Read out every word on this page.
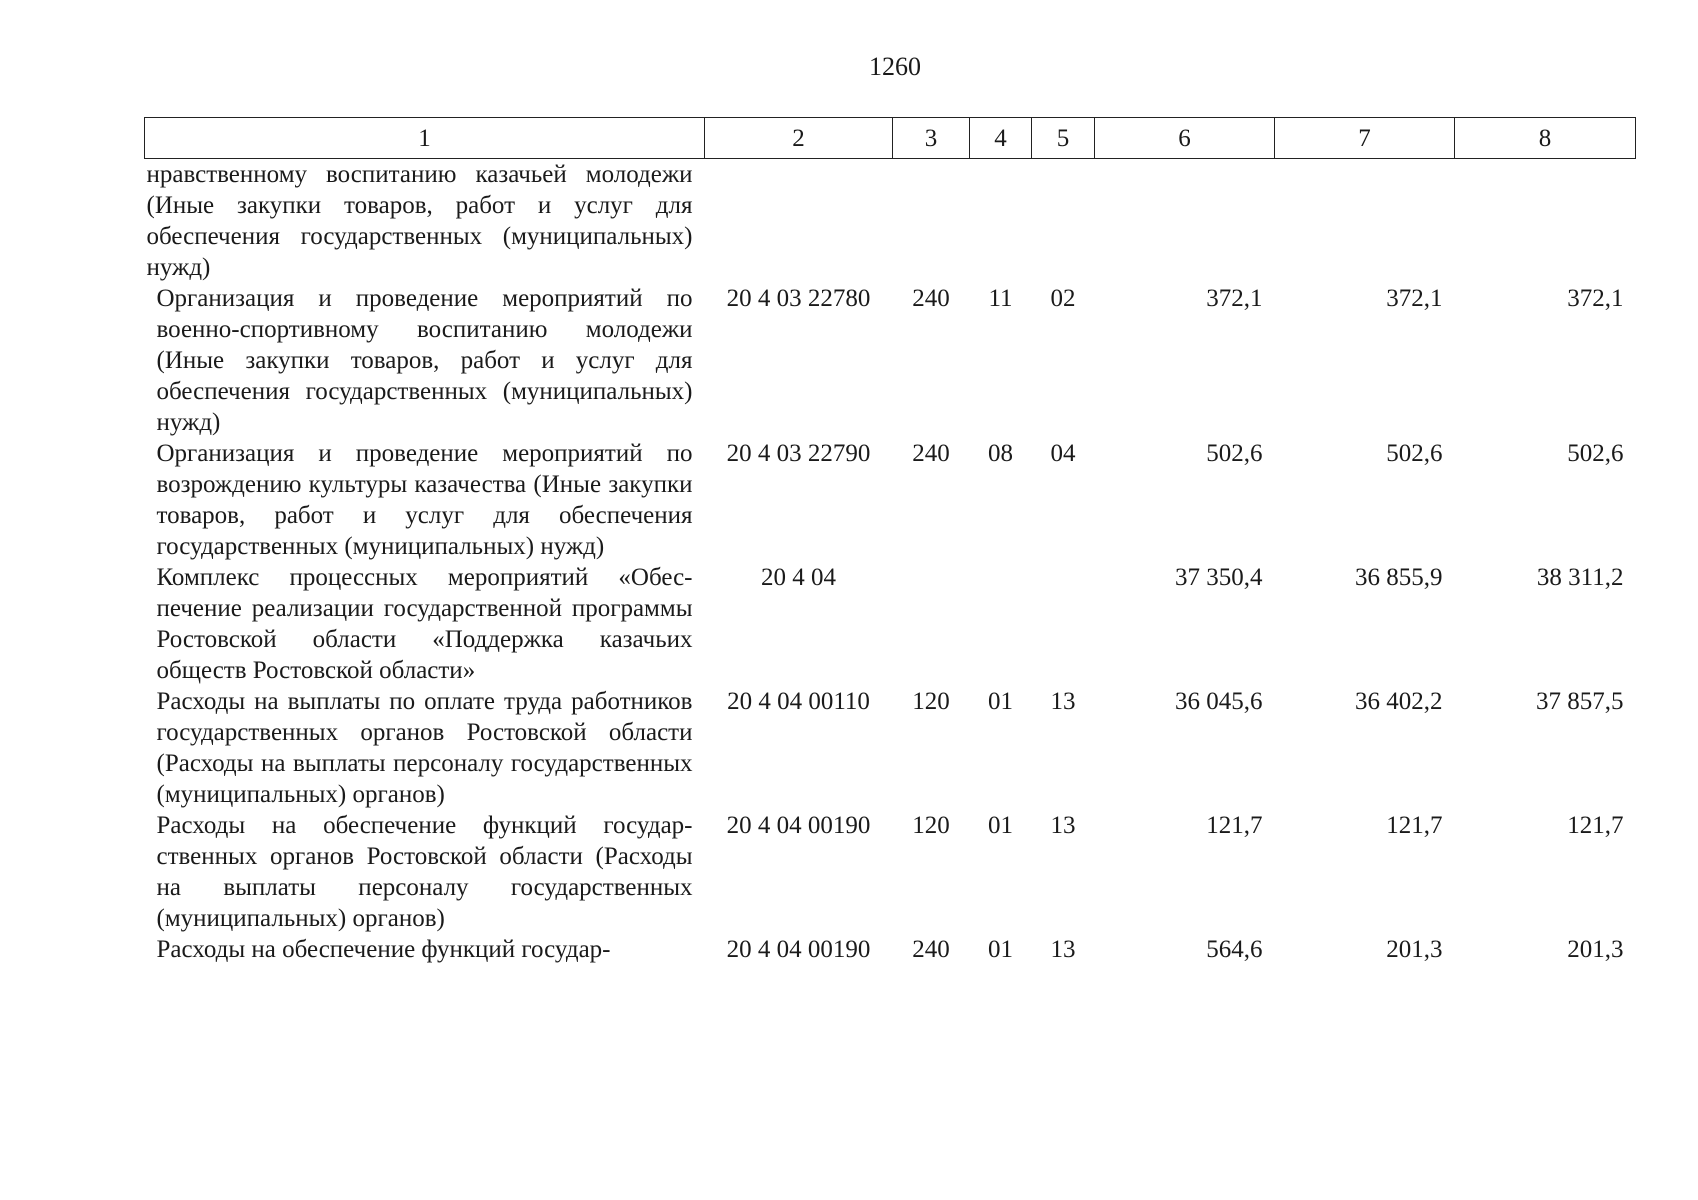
1260
1	2	3	4	5	6	7	8
нравственному воспитанию казачьей молодежи (Иные закупки товаров, работ и услуг для обеспечения государственных (муниципальных) нужд)							
Организация и проведение мероприятий по военно-спортивному воспитанию молодежи (Иные закупки товаров, работ и услуг для обеспечения государственных (муниципальных) нужд)	20 4 03 22780	240	11	02	372,1	372,1	372,1
Организация и проведение мероприятий по возрождению культуры казачества (Иные закупки товаров, работ и услуг для обеспечения государственных (муниципальных) нужд)	20 4 03 22790	240	08	04	502,6	502,6	502,6
Комплекс процессных мероприятий «Обеспечение реализации государственной программы Ростовской области «Поддержка казачьих обществ Ростовской области»	20 4 04				37 350,4	36 855,9	38 311,2
Расходы на выплаты по оплате труда работников государственных органов Ростовской области (Расходы на выплаты персоналу государственных (муниципальных) органов)	20 4 04 00110	120	01	13	36 045,6	36 402,2	37 857,5
Расходы на обеспечение функций государственных органов Ростовской области (Расходы на выплаты персоналу государственных (муниципальных) органов)	20 4 04 00190	120	01	13	121,7	121,7	121,7
Расходы на обеспечение функций государ-	20 4 04 00190	240	01	13	564,6	201,3	201,3
